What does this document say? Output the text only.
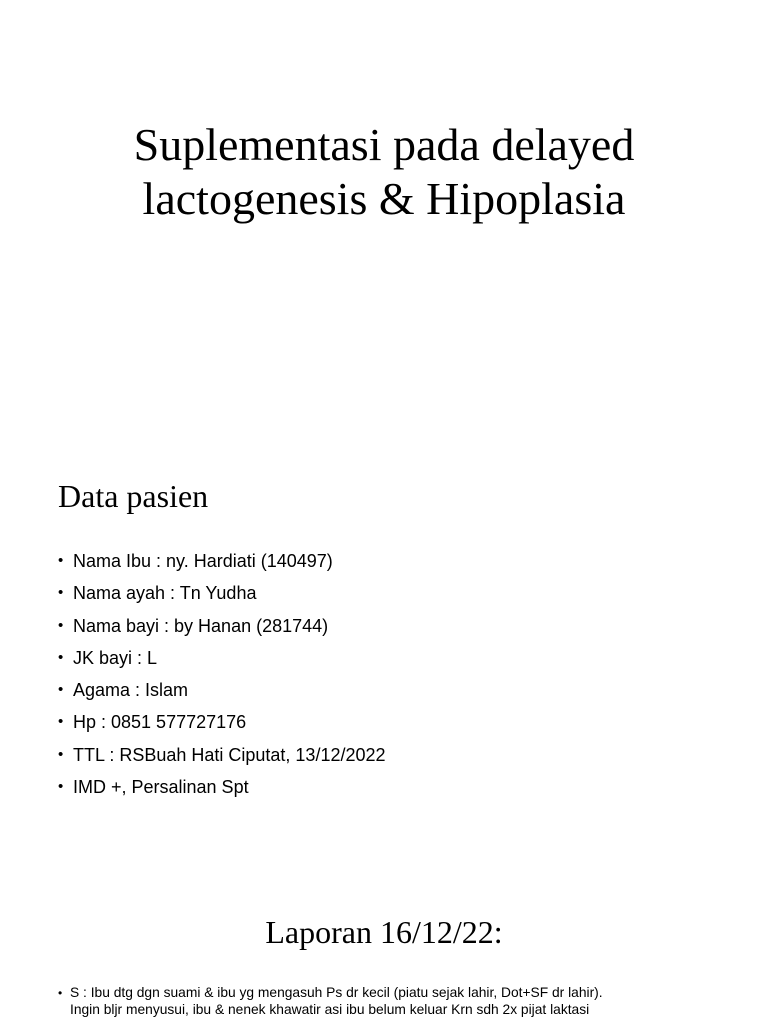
Suplementasi pada delayed
lactogenesis & Hipoplasia
Data pasien
• Nama Ibu : ny. Hardiati (140497)
• Nama ayah : Tn Yudha
• Nama bayi : by Hanan (281744)
• JK bayi : L
• Agama : Islam
• Hp : 0851 577727176
• TTL : RSBuah Hati Ciputat, 13/12/2022
• IMD +, Persalinan Spt
Laporan 16/12/22:
• S : Ibu dtg dgn suami & ibu yg mengasuh Ps dr kecil (piatu sejak lahir, Dot+SF dr lahir).
Ingin bljr menyusui, ibu & nenek khawatir asi ibu belum keluar Krn sdh 2x pijat laktasi
